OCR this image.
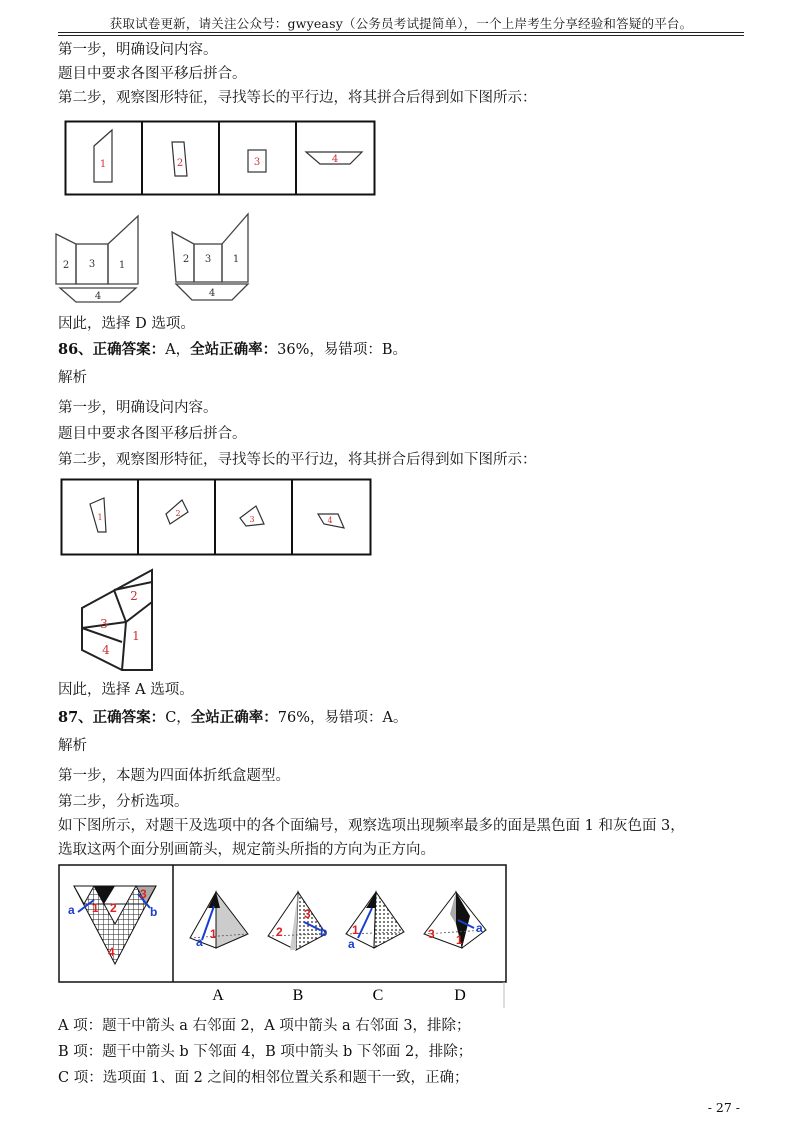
获取试卷更新，请关注公众号：gwyeasy（公务员考试提简单），一个上岸考生分享经验和答疑的平台。
第一步，明确设问内容。
题目中要求各图平移后拼合。
第二步，观察图形特征，寻找等长的平行边，将其拼合后得到如下图所示：
1	2	3	4
2 3 1
4
2 3 1
4
因此，选择 D 选项。
86、正确答案：A，全站正确率：36%，易错项：B。
解析
第一步，明确设问内容。
题目中要求各图平移后拼合。
第二步，观察图形特征，寻找等长的平行边，将其拼合后得到如下图所示：
1	2
3	4
1
2
3
4
因此，选择 A 选项。
87、正确答案：C，全站正确率：76%，易错项：A。
解析
第一步，本题为四面体折纸盒题型。
第二步，分析选项。
如下图所示，对题干及选项中的各个面编号，观察选项出现频率最多的面是黑色面 1 和灰色面 3，
选取这两个面分别画箭头，规定箭头所指的方向为正方向。
a	b
1 2
3
4
a
1	2
3
b 1
a
3 1
a
A	B	C	D
A 项：题干中箭头 a 右邻面 2，A 项中箭头 a 右邻面 3，排除；
B 项：题干中箭头 b 下邻面 4，B 项中箭头 b 下邻面 2，排除；
C 项：选项面 1、面 2 之间的相邻位置关系和题干一致，正确；
- 27 -
